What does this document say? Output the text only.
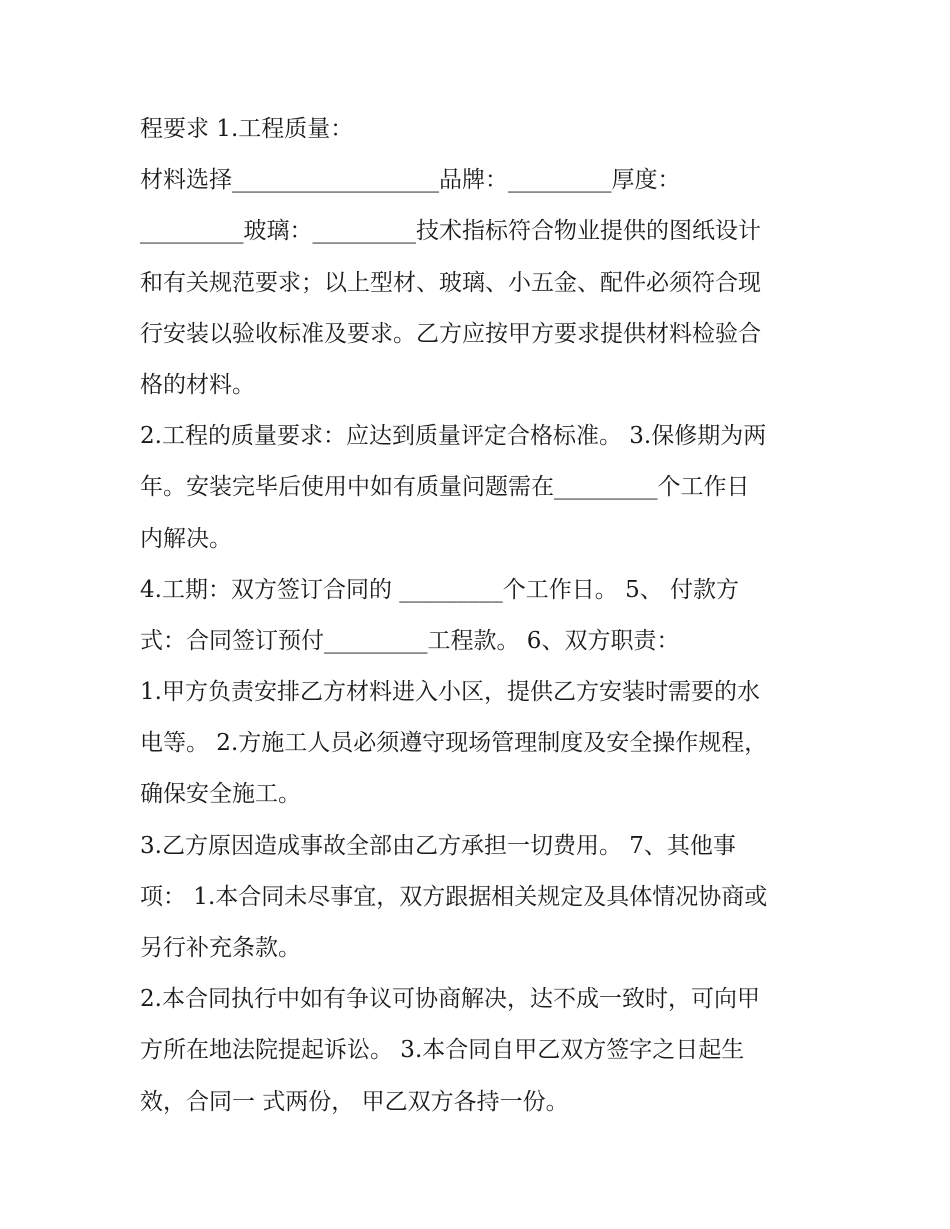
程要求 1.工程质量：
材料选择__________________品牌：_________厚度：
_________玻璃：_________技术指标符合物业提供的图纸设计
和有关规范要求；以上型材、玻璃、小五金、配件必须符合现
行安装以验收标准及要求。乙方应按甲方要求提供材料检验合
格的材料。
2.工程的质量要求：应达到质量评定合格标准。 3.保修期为两
年。安装完毕后使用中如有质量问题需在_________个工作日
内解决。
4.工期：双方签订合同的 _________个工作日。 5、 付款方
式：合同签订预付_________工程款。 6、双方职责：
1.甲方负责安排乙方材料进入小区，提供乙方安装时需要的水
电等。 2.方施工人员必须遵守现场管理制度及安全操作规程，
确保安全施工。
3.乙方原因造成事故全部由乙方承担一切费用。 7、其他事
项： 1.本合同未尽事宜，双方跟据相关规定及具体情况协商或
另行补充条款。
2.本合同执行中如有争议可协商解决，达不成一致时，可向甲
方所在地法院提起诉讼。 3.本合同自甲乙双方签字之日起生
效，合同一 式两份， 甲乙双方各持一份。
